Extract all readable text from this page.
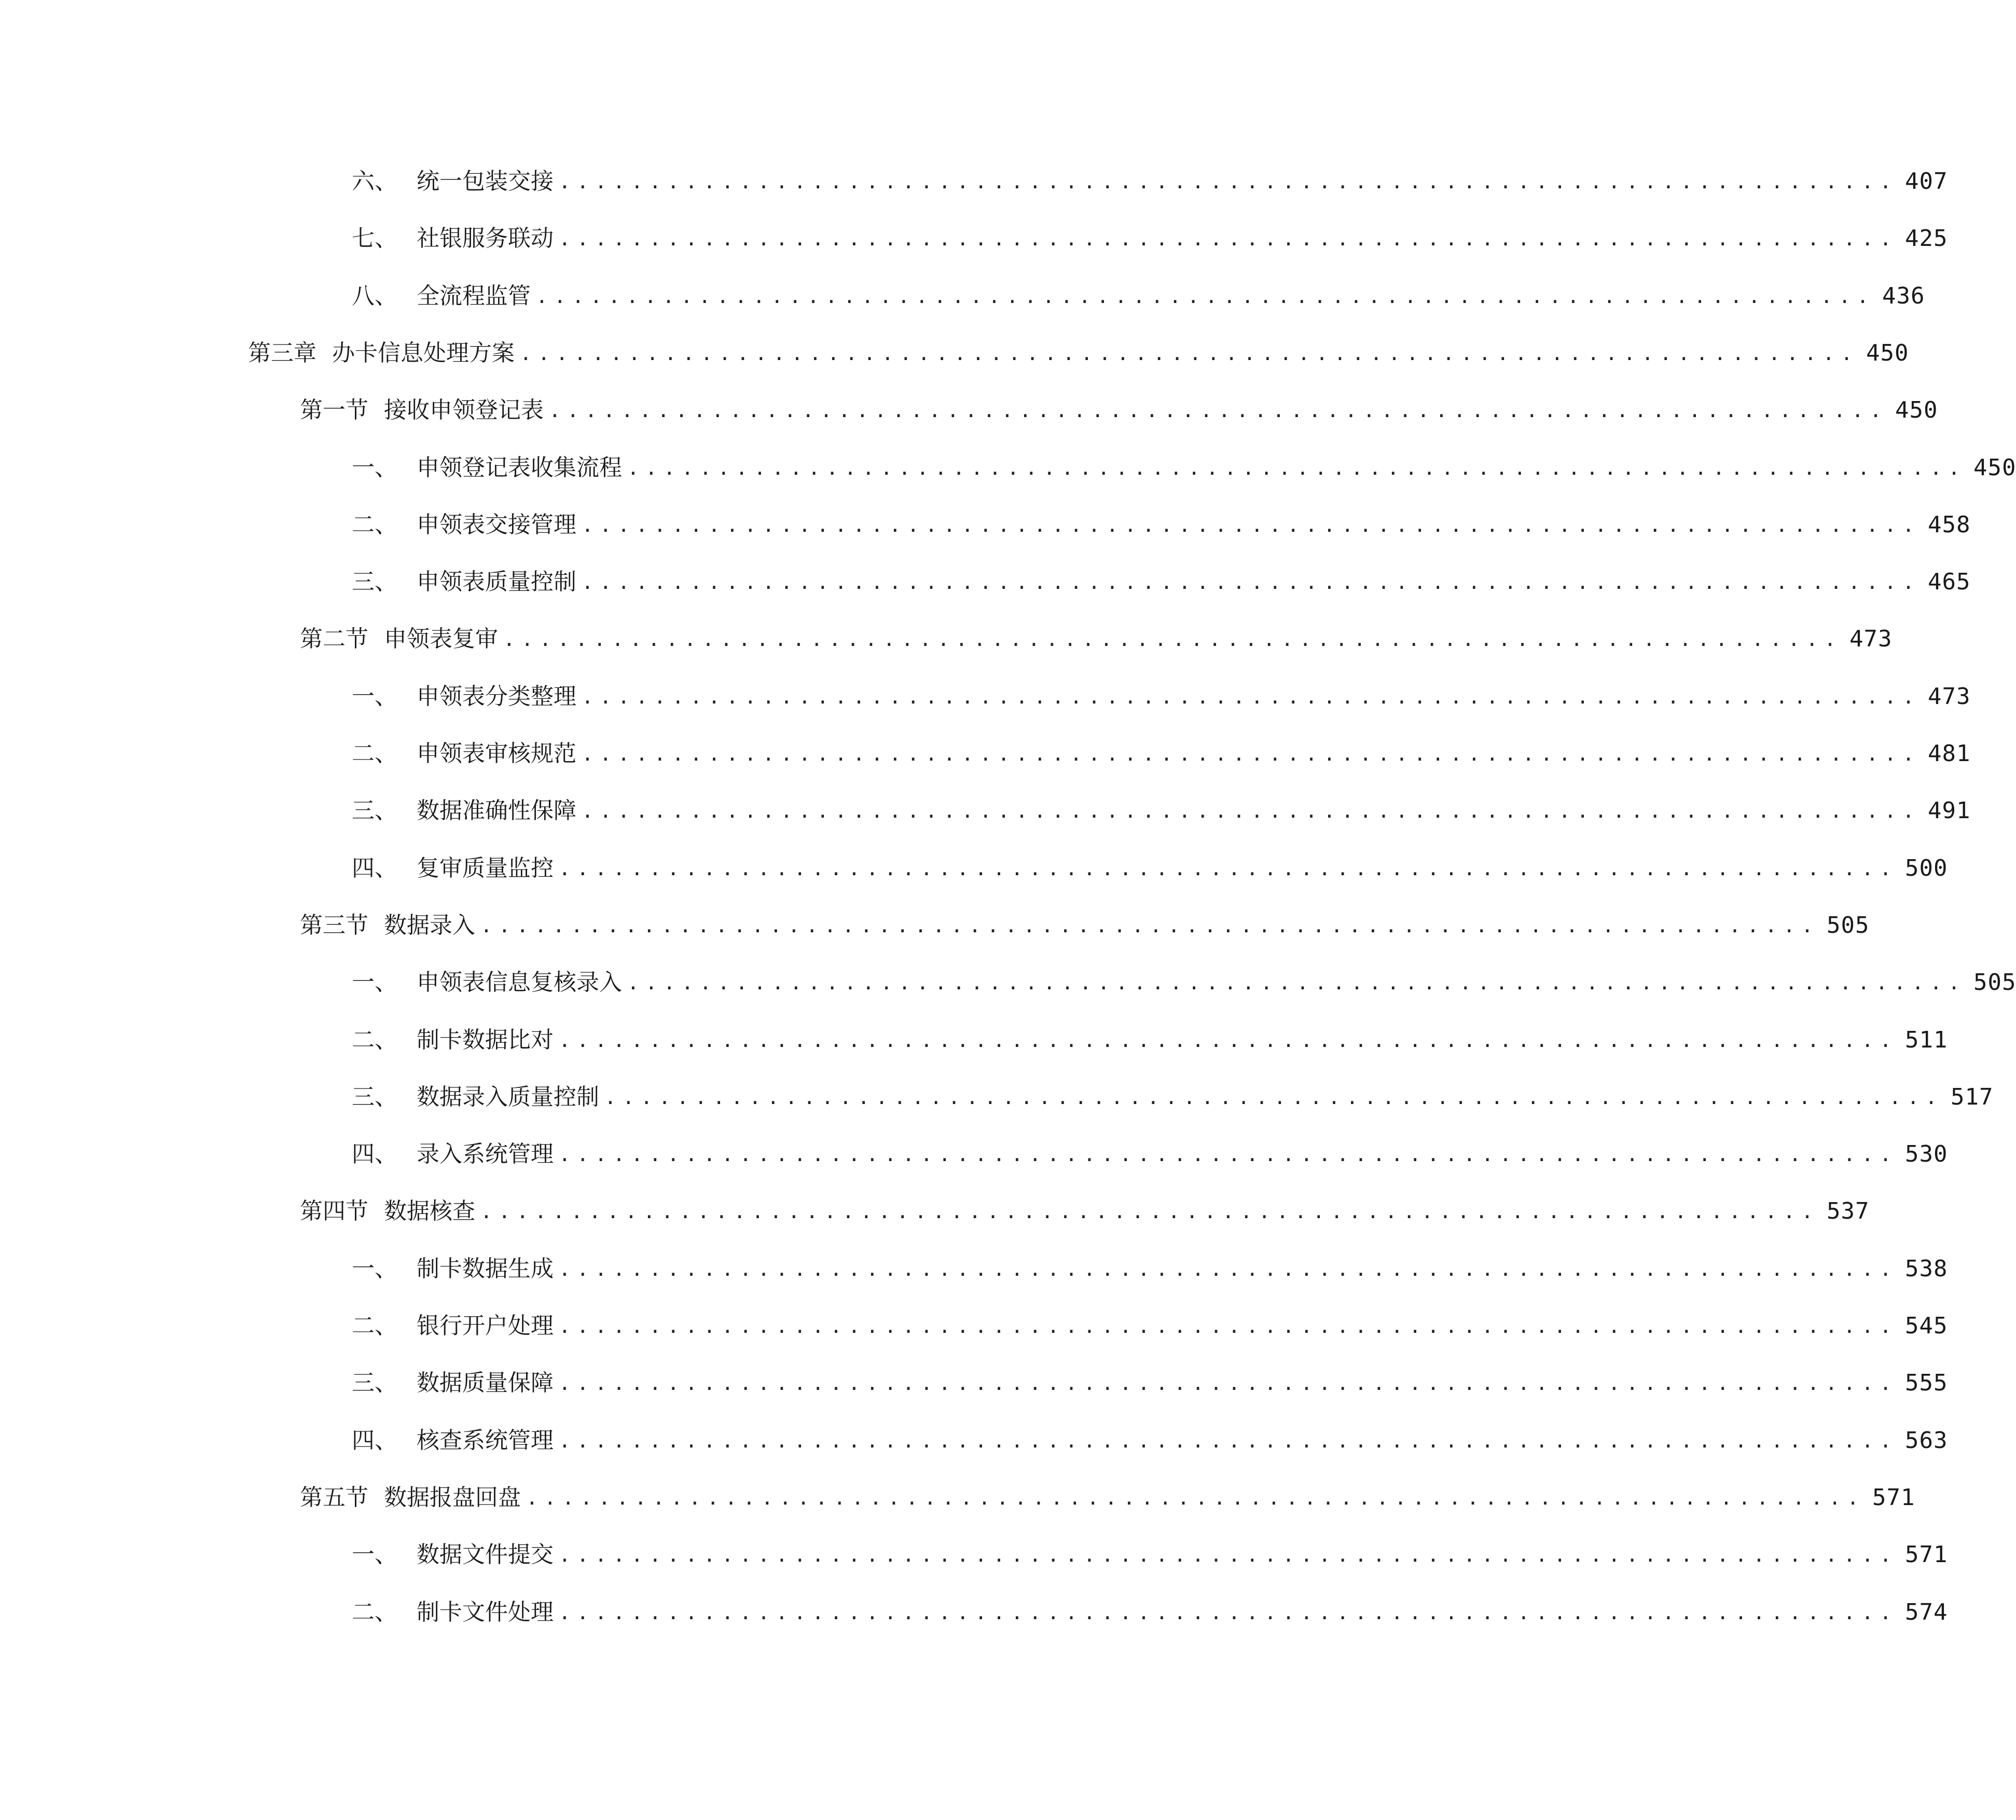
六、 统一包装交接 .......................................................................... 407
七、 社银服务联动 .......................................................................... 425
八、 全流程监管 .......................................................................... 436
第三章 办卡信息处理方案 .......................................................................... 450
第一节 接收申领登记表 .......................................................................... 450
一、 申领登记表收集流程 .......................................................................... 450
二、 申领表交接管理 .......................................................................... 458
三、 申领表质量控制 .......................................................................... 465
第二节 申领表复审 .......................................................................... 473
一、 申领表分类整理 .......................................................................... 473
二、 申领表审核规范 .......................................................................... 481
三、 数据准确性保障 .......................................................................... 491
四、 复审质量监控 .......................................................................... 500
第三节 数据录入 .......................................................................... 505
一、 申领表信息复核录入 .......................................................................... 505
二、 制卡数据比对 .......................................................................... 511
三、 数据录入质量控制 .......................................................................... 517
四、 录入系统管理 .......................................................................... 530
第四节 数据核查 .......................................................................... 537
一、 制卡数据生成 .......................................................................... 538
二、 银行开户处理 .......................................................................... 545
三、 数据质量保障 .......................................................................... 555
四、 核查系统管理 .......................................................................... 563
第五节 数据报盘回盘 .......................................................................... 571
一、 数据文件提交 .......................................................................... 571
二、 制卡文件处理 .......................................................................... 574
